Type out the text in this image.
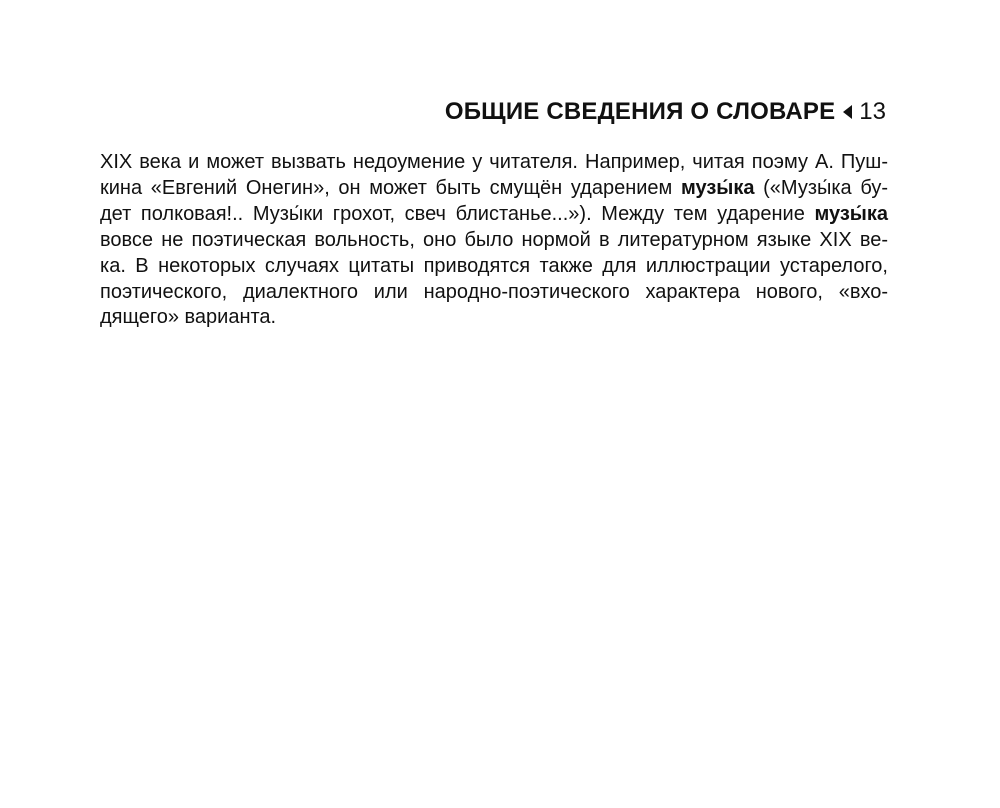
ОБЩИЕ СВЕДЕНИЯ О СЛОВАРЕ 13
XIX века и может вызвать недоумение у читателя. Например, читая поэму А. Пуш-
кина «Евгений Онегин», он может быть смущён ударением музы́ка («Музы́ка бу-
дет полковая!.. Музы́ки грохот, свеч блистанье...»). Между тем ударение музы́ка
вовсе не поэтическая вольность, оно было нормой в литературном языке XIX ве-
ка. В некоторых случаях цитаты приводятся также для иллюстрации устарелого,
поэтического, диалектного или народно-поэтического характера нового, «вхо-
дящего» варианта.
